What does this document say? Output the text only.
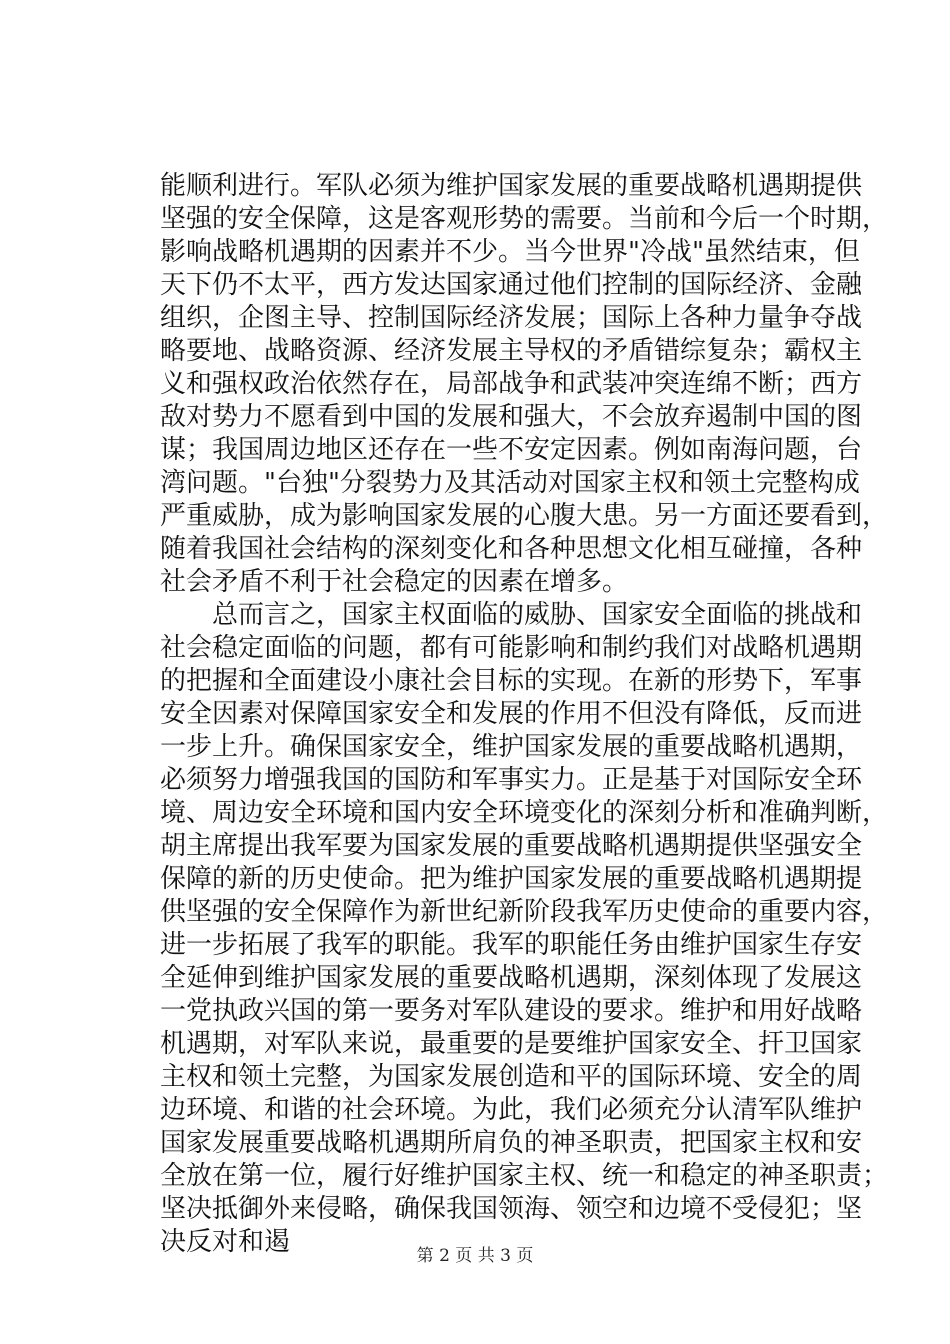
能顺利进行。军队必须为维护国家发展的重要战略机遇期提供
坚强的安全保障，这是客观形势的需要。当前和今后一个时期，
影响战略机遇期的因素并不少。当今世界"冷战"虽然结束，但
天下仍不太平，西方发达国家通过他们控制的国际经济、金融
组织，企图主导、控制国际经济发展；国际上各种力量争夺战
略要地、战略资源、经济发展主导权的矛盾错综复杂；霸权主
义和强权政治依然存在，局部战争和武装冲突连绵不断；西方
敌对势力不愿看到中国的发展和强大，不会放弃遏制中国的图
谋；我国周边地区还存在一些不安定因素。例如南海问题，台
湾问题。"台独"分裂势力及其活动对国家主权和领土完整构成
严重威胁，成为影响国家发展的心腹大患。另一方面还要看到，
随着我国社会结构的深刻变化和各种思想文化相互碰撞，各种
社会矛盾不利于社会稳定的因素在增多。
总而言之，国家主权面临的威胁、国家安全面临的挑战和
社会稳定面临的问题，都有可能影响和制约我们对战略机遇期
的把握和全面建设小康社会目标的实现。在新的形势下，军事
安全因素对保障国家安全和发展的作用不但没有降低，反而进
一步上升。确保国家安全，维护国家发展的重要战略机遇期，
必须努力增强我国的国防和军事实力。正是基于对国际安全环
境、周边安全环境和国内安全环境变化的深刻分析和准确判断，
胡主席提出我军要为国家发展的重要战略机遇期提供坚强安全
保障的新的历史使命。把为维护国家发展的重要战略机遇期提
供坚强的安全保障作为新世纪新阶段我军历史使命的重要内容，
进一步拓展了我军的职能。我军的职能任务由维护国家生存安
全延伸到维护国家发展的重要战略机遇期，深刻体现了发展这
一党执政兴国的第一要务对军队建设的要求。维护和用好战略
机遇期，对军队来说，最重要的是要维护国家安全、扞卫国家
主权和领土完整，为国家发展创造和平的国际环境、安全的周
边环境、和谐的社会环境。为此，我们必须充分认清军队维护
国家发展重要战略机遇期所肩负的神圣职责，把国家主权和安
全放在第一位，履行好维护国家主权、统一和稳定的神圣职责；
坚决抵御外来侵略，确保我国领海、领空和边境不受侵犯；坚
决反对和遏	第 2 页 共 3 页
